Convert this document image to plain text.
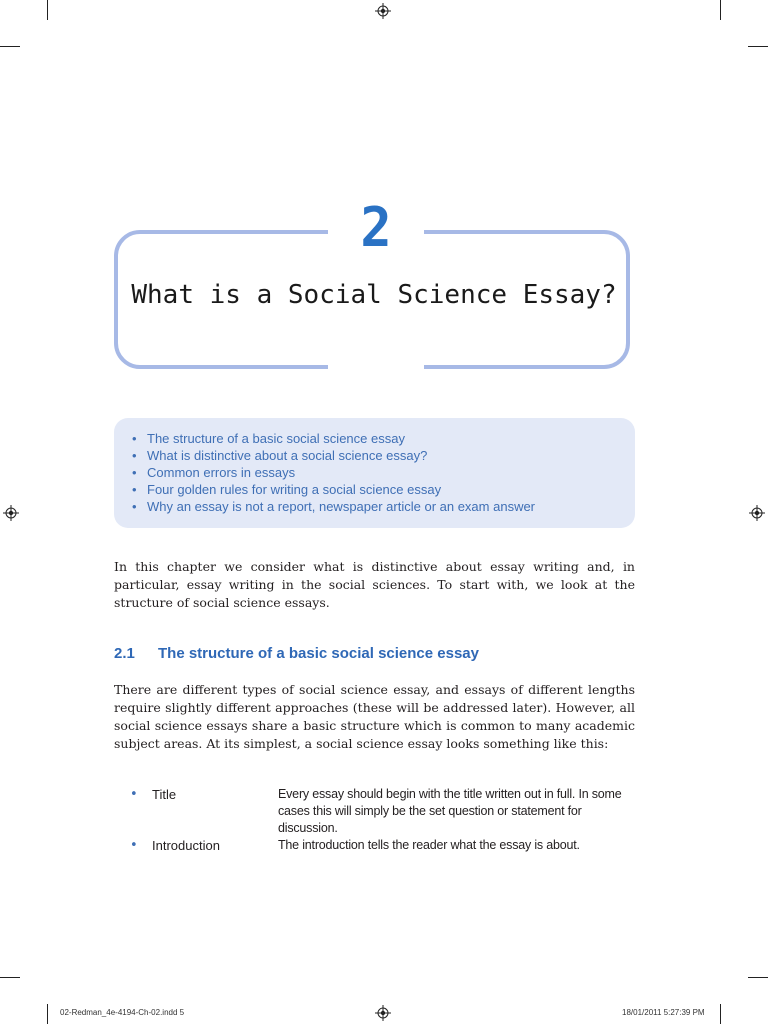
2
What is a Social Science Essay?
• The structure of a basic social science essay
• What is distinctive about a social science essay?
• Common errors in essays
• Four golden rules for writing a social science essay
• Why an essay is not a report, newspaper article or an exam answer

In this chapter we consider what is distinctive about essay writing and, in particular, essay writing in the social sciences. To start with, we look at the structure of social science essays.

2.1 The structure of a basic social science essay

There are different types of social science essay, and essays of different lengths require slightly different approaches (these will be addressed later). However, all social science essays share a basic structure which is common to many academic subject areas. At its simplest, a social science essay looks something like this:

• Title	Every essay should begin with the title written out in full. In some cases this will simply be the set question or statement for discussion.
• Introduction	The introduction tells the reader what the essay is about.
02-Redman_4e-4194-Ch-02.indd 5	18/01/2011 5:27:39 PM
